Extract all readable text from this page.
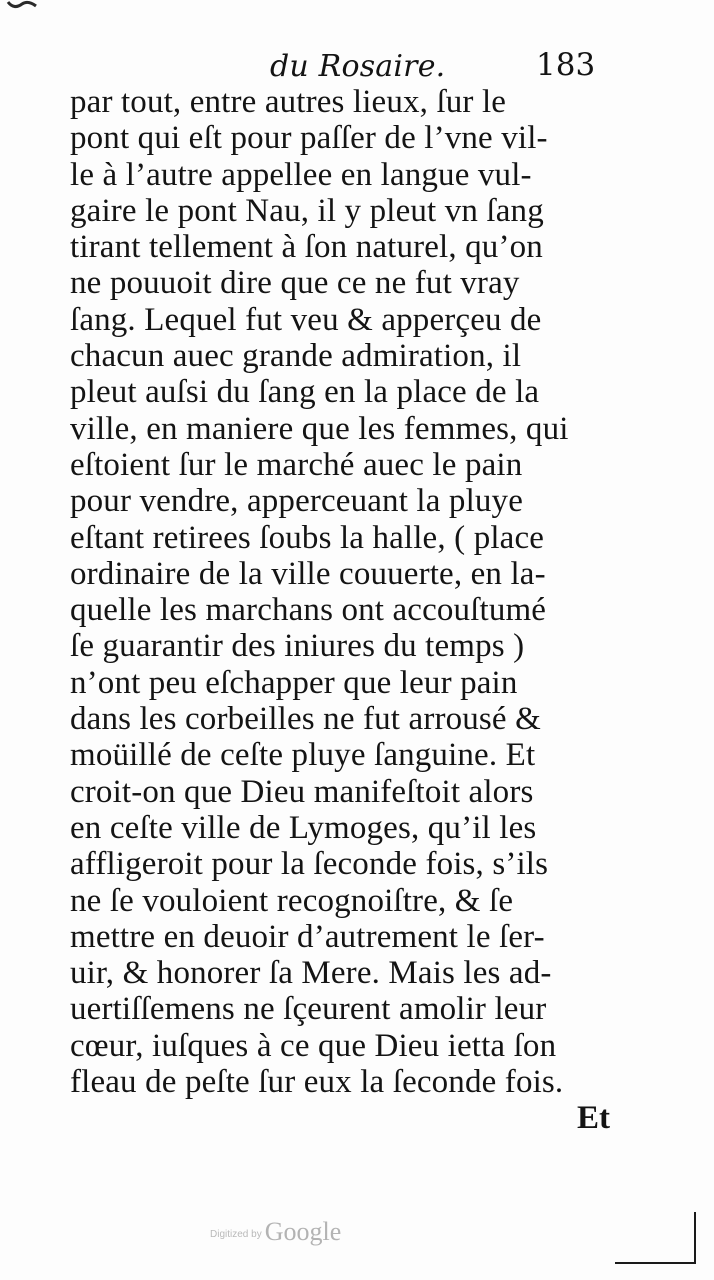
du Rosaire.	183
par tout, entre autres lieux, ſur le
pont qui eſt pour paſſer de l’vne vil-
le à l’autre appellee en langue vul-
gaire le pont Nau, il y pleut vn ſang
tirant tellement à ſon naturel, qu’on
ne pouuoit dire que ce ne fut vray
ſang. Lequel fut veu & apperçeu de
chacun auec grande admiration, il
pleut auſsi du ſang en la place de la
ville, en maniere que les femmes, qui
eſtoient ſur le marché auec le pain
pour vendre, apperceuant la pluye
eſtant retirees ſoubs la halle, ( place
ordinaire de la ville couuerte, en la-
quelle les marchans ont accouſtumé
ſe guarantir des iniures du temps )
n’ont peu eſchapper que leur pain
dans les corbeilles ne fut arrousé &
moüillé de ceſte pluye ſanguine. Et
croit-on que Dieu manifeſtoit alors
en ceſte ville de Lymoges, qu’il les
affligeroit pour la ſeconde fois, s’ils
ne ſe vouloient recognoiſtre, & ſe
mettre en deuoir d’autrement le ſer-
uir, & honorer ſa Mere. Mais les ad-
uertiſſemens ne ſçeurent amolir leur
cœur, iuſques à ce que Dieu ietta ſon
fleau de peſte ſur eux la ſeconde fois.
Et
Digitized by Google
